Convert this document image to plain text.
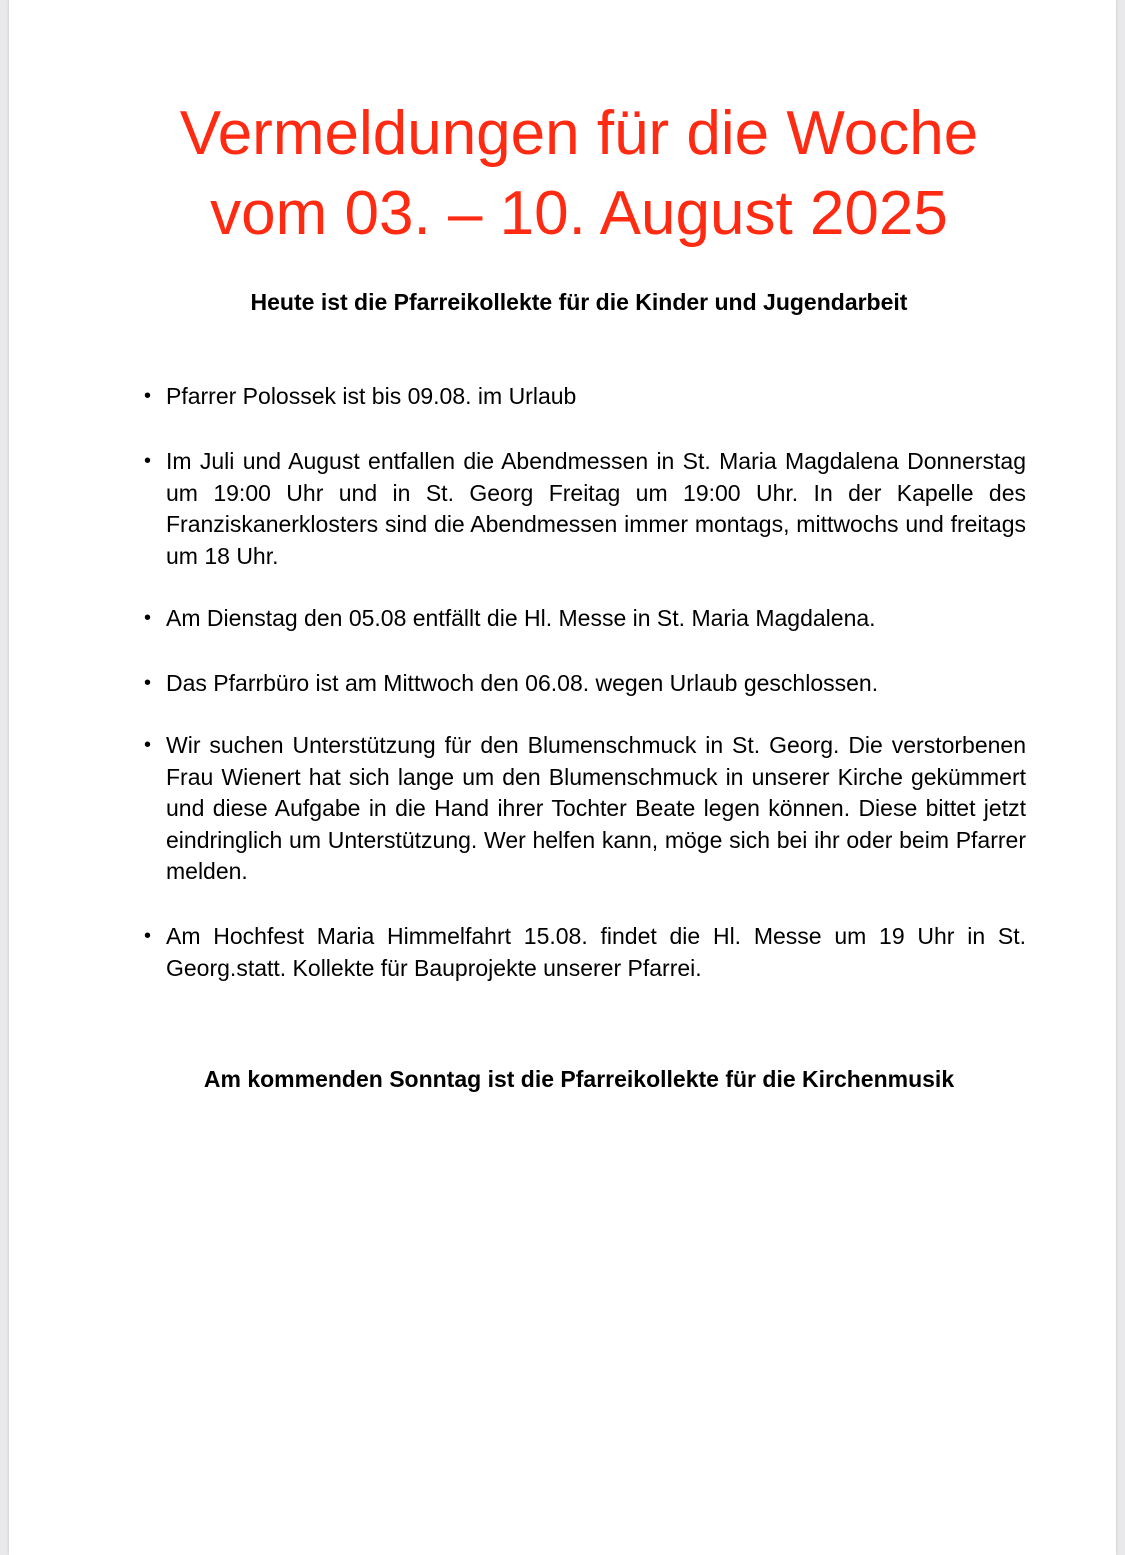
Vermeldungen für die Woche
vom 03. – 10. August 2025
Heute ist die Pfarreikollekte für die Kinder und Jugendarbeit
• Pfarrer Polossek ist bis 09.08. im Urlaub
• Im Juli und August entfallen die Abendmessen in St. Maria Magdalena Donnerstag um 19:00 Uhr und in St. Georg Freitag um 19:00 Uhr. In der Kapelle des Franziskanerklosters sind die Abendmessen immer montags, mittwochs und freitags um 18 Uhr.
• Am Dienstag den 05.08 entfällt die Hl. Messe in St. Maria Magdalena.
• Das Pfarrbüro ist am Mittwoch den 06.08. wegen Urlaub geschlossen.
• Wir suchen Unterstützung für den Blumenschmuck in St. Georg. Die verstorbenen Frau Wienert hat sich lange um den Blumenschmuck in unserer Kirche gekümmert und diese Aufgabe in die Hand ihrer Tochter Beate legen können. Diese bittet jetzt eindringlich um Unterstützung. Wer helfen kann, möge sich bei ihr oder beim Pfarrer melden.
• Am Hochfest Maria Himmelfahrt 15.08. findet die Hl. Messe um 19 Uhr in St. Georg.statt. Kollekte für Bauprojekte unserer Pfarrei.
Am kommenden Sonntag ist die Pfarreikollekte für die Kirchenmusik
